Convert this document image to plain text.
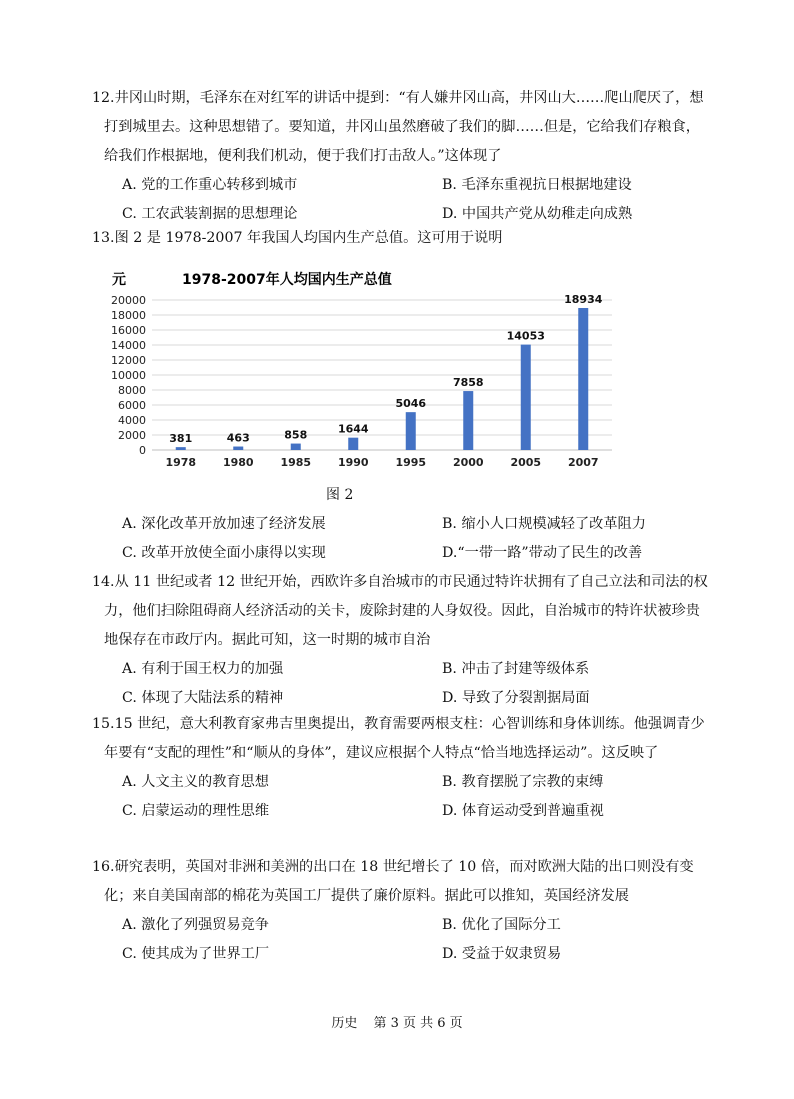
12.井冈山时期，毛泽东在对红军的讲话中提到：“有人嫌井冈山高，井冈山大……爬山爬厌了，想打到城里去。这种思想错了。要知道，井冈山虽然磨破了我们的脚……但是，它给我们存粮食，给我们作根据地，便利我们机动，便于我们打击敌人。”这体现了
A. 党的工作重心转移到城市	B. 毛泽东重视抗日根据地建设
C. 工农武装割据的思想理论	D. 中国共产党从幼稚走向成熟
13.图 2 是 1978-2007 年我国人均国内生产总值。这可用于说明
元	1978-2007年人均国内生产总值
0
2000
4000
6000
8000
10000
12000
14000
16000
18000
20000
381
1978
463
1980
858
1985
1644
1990
5046
1995
7858
2000
14053
2005
18934
2007
图 2
A. 深化改革开放加速了经济发展	B. 缩小人口规模减轻了改革阻力
C. 改革开放使全面小康得以实现	D.“一带一路”带动了民生的改善
14.从 11 世纪或者 12 世纪开始，西欧许多自治城市的市民通过特许状拥有了自己立法和司法的权力，他们扫除阻碍商人经济活动的关卡，废除封建的人身奴役。因此，自治城市的特许状被珍贵地保存在市政厅内。据此可知，这一时期的城市自治
A. 有利于国王权力的加强	B. 冲击了封建等级体系
C. 体现了大陆法系的精神	D. 导致了分裂割据局面
15.15 世纪，意大利教育家弗吉里奥提出，教育需要两根支柱：心智训练和身体训练。他强调青少年要有“支配的理性”和“顺从的身体”，建议应根据个人特点“恰当地选择运动”。这反映了
A. 人文主义的教育思想	B. 教育摆脱了宗教的束缚
C. 启蒙运动的理性思维	D. 体育运动受到普遍重视
16.研究表明，英国对非洲和美洲的出口在 18 世纪增长了 10 倍，而对欧洲大陆的出口则没有变化；来自美国南部的棉花为英国工厂提供了廉价原料。据此可以推知，英国经济发展
A. 激化了列强贸易竞争	B. 优化了国际分工
C. 使其成为了世界工厂	D. 受益于奴隶贸易
历史 第 3 页 共 6 页
